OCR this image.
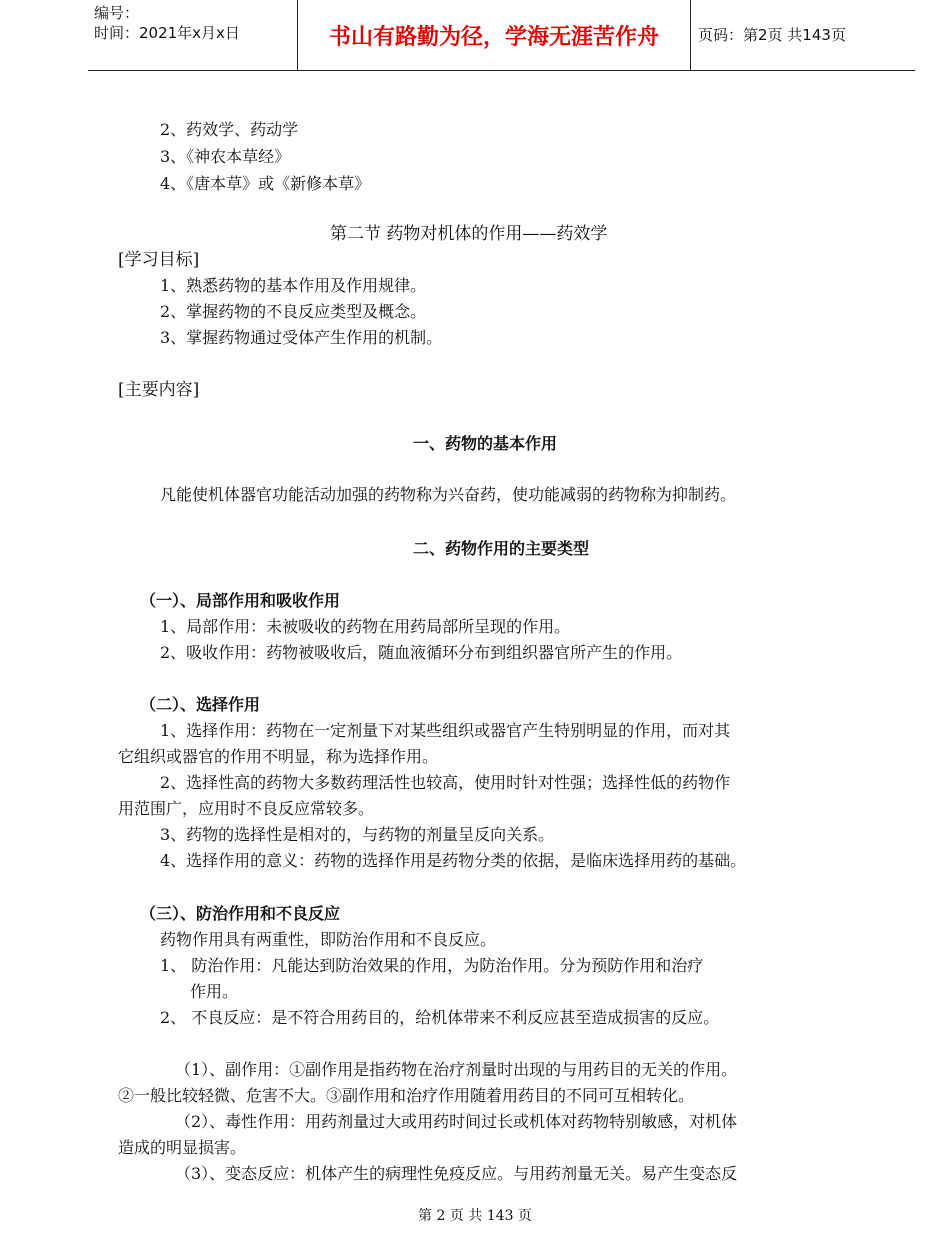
编号：
时间：2021年x月x日	书山有路勤为径，学海无涯苦作舟	页码：第2页 共143页
2、药效学、药动学
3、《神农本草经》
4、《唐本草》或《新修本草》
第二节 药物对机体的作用——药效学
[学习目标]
1、熟悉药物的基本作用及作用规律。
2、掌握药物的不良反应类型及概念。
3、掌握药物通过受体产生作用的机制。
[主要内容]
一、药物的基本作用
凡能使机体器官功能活动加强的药物称为兴奋药，使功能减弱的药物称为抑制药。
二、药物作用的主要类型
（一）、局部作用和吸收作用
1、局部作用：未被吸收的药物在用药局部所呈现的作用。
2、吸收作用：药物被吸收后，随血液循环分布到组织器官所产生的作用。
（二）、选择作用
1、选择作用：药物在一定剂量下对某些组织或器官产生特别明显的作用，而对其
它组织或器官的作用不明显，称为选择作用。
2、选择性高的药物大多数药理活性也较高，使用时针对性强；选择性低的药物作
用范围广，应用时不良反应常较多。
3、药物的选择性是相对的，与药物的剂量呈反向关系。
4、选择作用的意义：药物的选择作用是药物分类的依据，是临床选择用药的基础。
（三）、防治作用和不良反应
药物作用具有两重性，即防治作用和不良反应。
1、 防治作用：凡能达到防治效果的作用，为防治作用。分为预防作用和治疗
作用。
2、 不良反应：是不符合用药目的，给机体带来不利反应甚至造成损害的反应。
（1）、副作用：①副作用是指药物在治疗剂量时出现的与用药目的无关的作用。
②一般比较轻微、危害不大。③副作用和治疗作用随着用药目的不同可互相转化。
（2）、毒性作用：用药剂量过大或用药时间过长或机体对药物特别敏感，对机体
造成的明显损害。
（3）、变态反应：机体产生的病理性免疫反应。与用药剂量无关。易产生变态反
第 2 页 共 143 页
